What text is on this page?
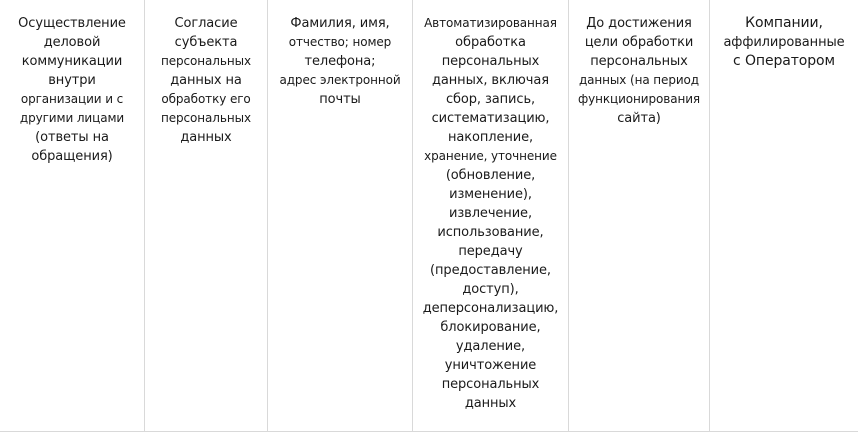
Осуществление
деловой
коммуникации
внутри
организации и с
другими лицами
(ответы на
обращения)
Согласие
субъекта
персональных
данных на
обработку его
персональных
данных
Фамилия, имя,
отчество; номер
телефона;
адрес электронной
почты
Автоматизированная
обработка
персональных
данных, включая
сбор, запись,
систематизацию,
накопление,
хранение, уточнение
(обновление,
изменение),
извлечение,
использование,
передачу
(предоставление,
доступ),
деперсонализацию,
блокирование,
удаление,
уничтожение
персональных
данных
До достижения
цели обработки
персональных
данных (на период
функционирования
сайта)
Компании,
аффилированные
с Оператором
